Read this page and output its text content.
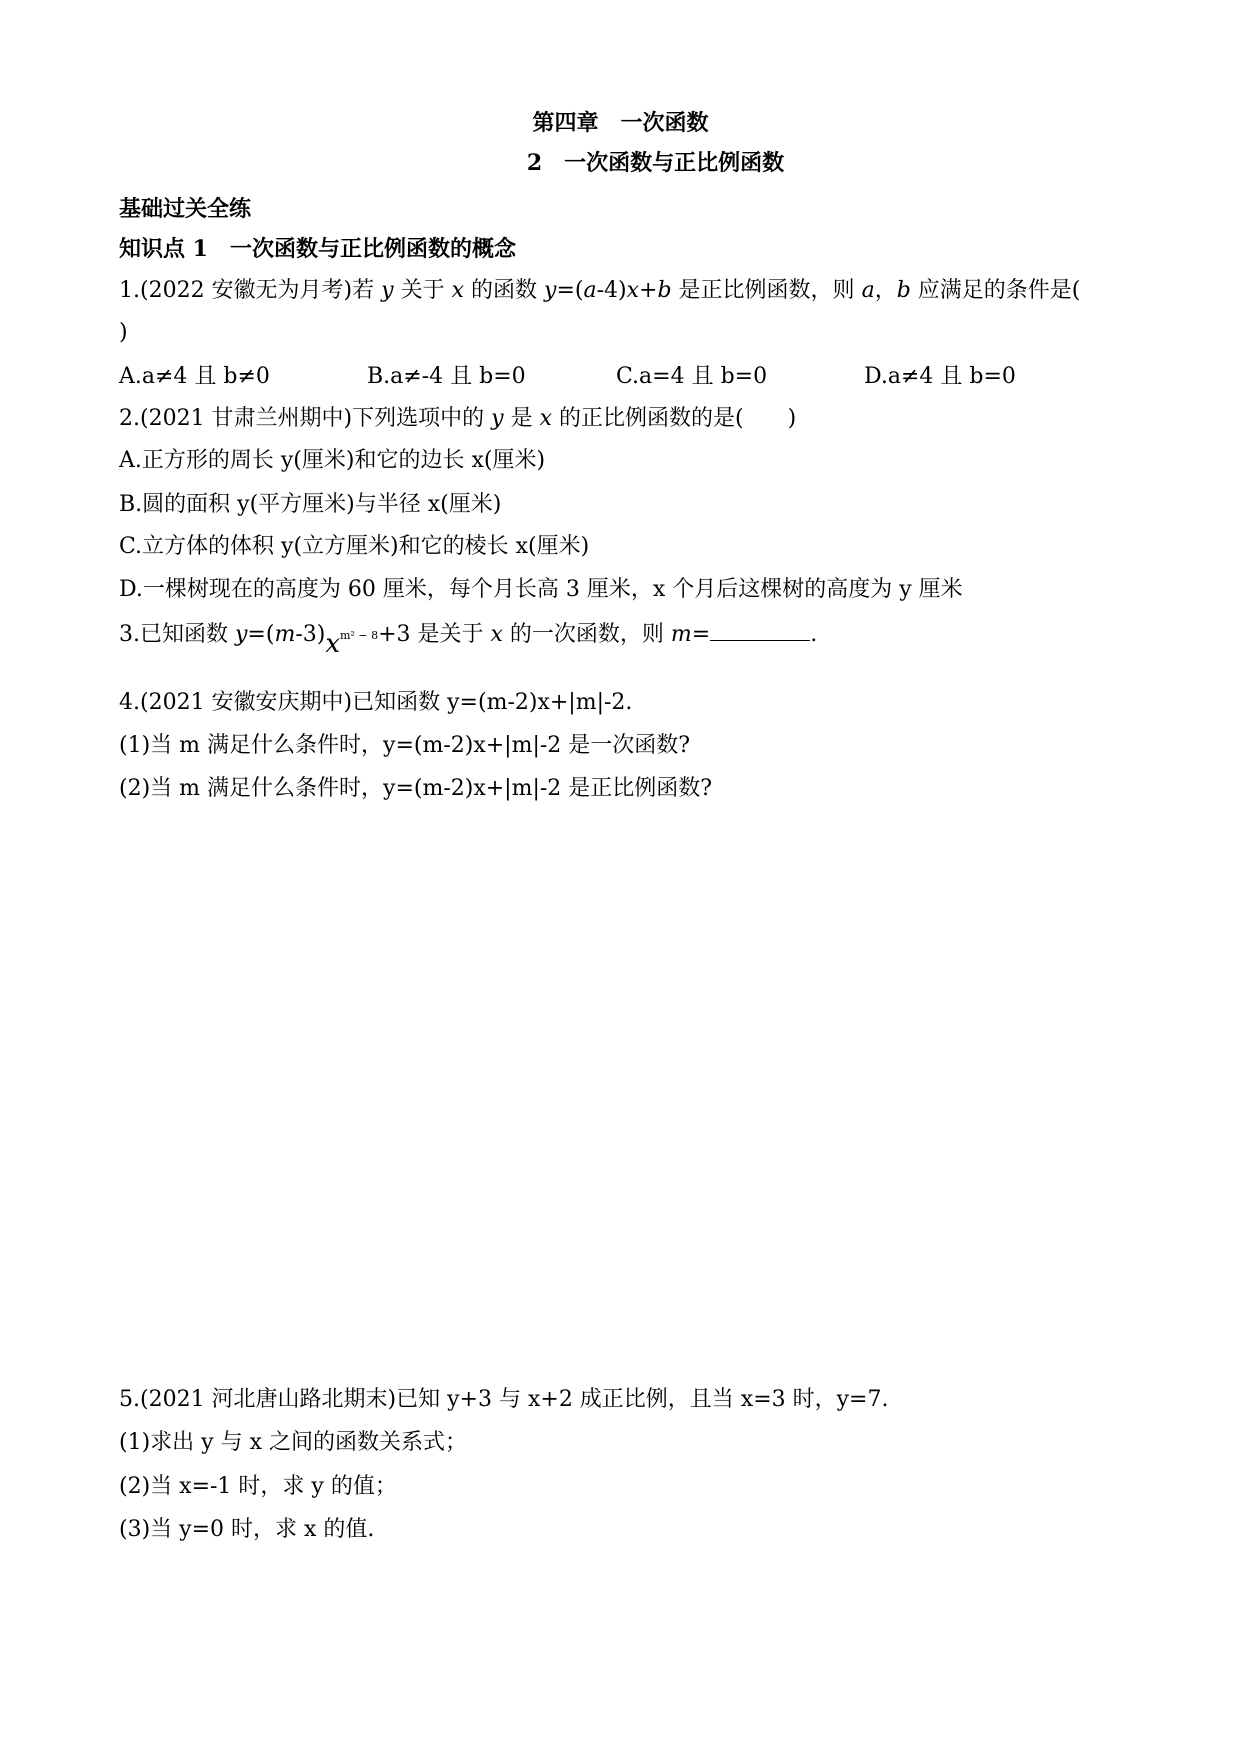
第四章　一次函数
2　一次函数与正比例函数
基础过关全练
知识点 1　一次函数与正比例函数的概念
1.(2022 安徽无为月考)若 y 关于 x 的函数 y=(a-4)x+b 是正比例函数，则 a，b 应满足的条件是(
)
A.a≠4 且 b≠0	B.a≠-4 且 b=0	C.a=4 且 b=0	D.a≠4 且 b=0
2.(2021 甘肃兰州期中)下列选项中的 y 是 x 的正比例函数的是(　　)
A.正方形的周长 y(厘米)和它的边长 x(厘米)
B.圆的面积 y(平方厘米)与半径 x(厘米)
C.立方体的体积 y(立方厘米)和它的棱长 x(厘米)
D.一棵树现在的高度为 60 厘米，每个月长高 3 厘米，x 个月后这棵树的高度为 y 厘米
3.已知函数 y=(m-3)xm² − 8+3 是关于 x 的一次函数，则 m=	.
4.(2021 安徽安庆期中)已知函数 y=(m-2)x+|m|-2.
(1)当 m 满足什么条件时，y=(m-2)x+|m|-2 是一次函数?
(2)当 m 满足什么条件时，y=(m-2)x+|m|-2 是正比例函数?
5.(2021 河北唐山路北期末)已知 y+3 与 x+2 成正比例，且当 x=3 时，y=7.
(1)求出 y 与 x 之间的函数关系式；
(2)当 x=-1 时，求 y 的值；
(3)当 y=0 时，求 x 的值.
